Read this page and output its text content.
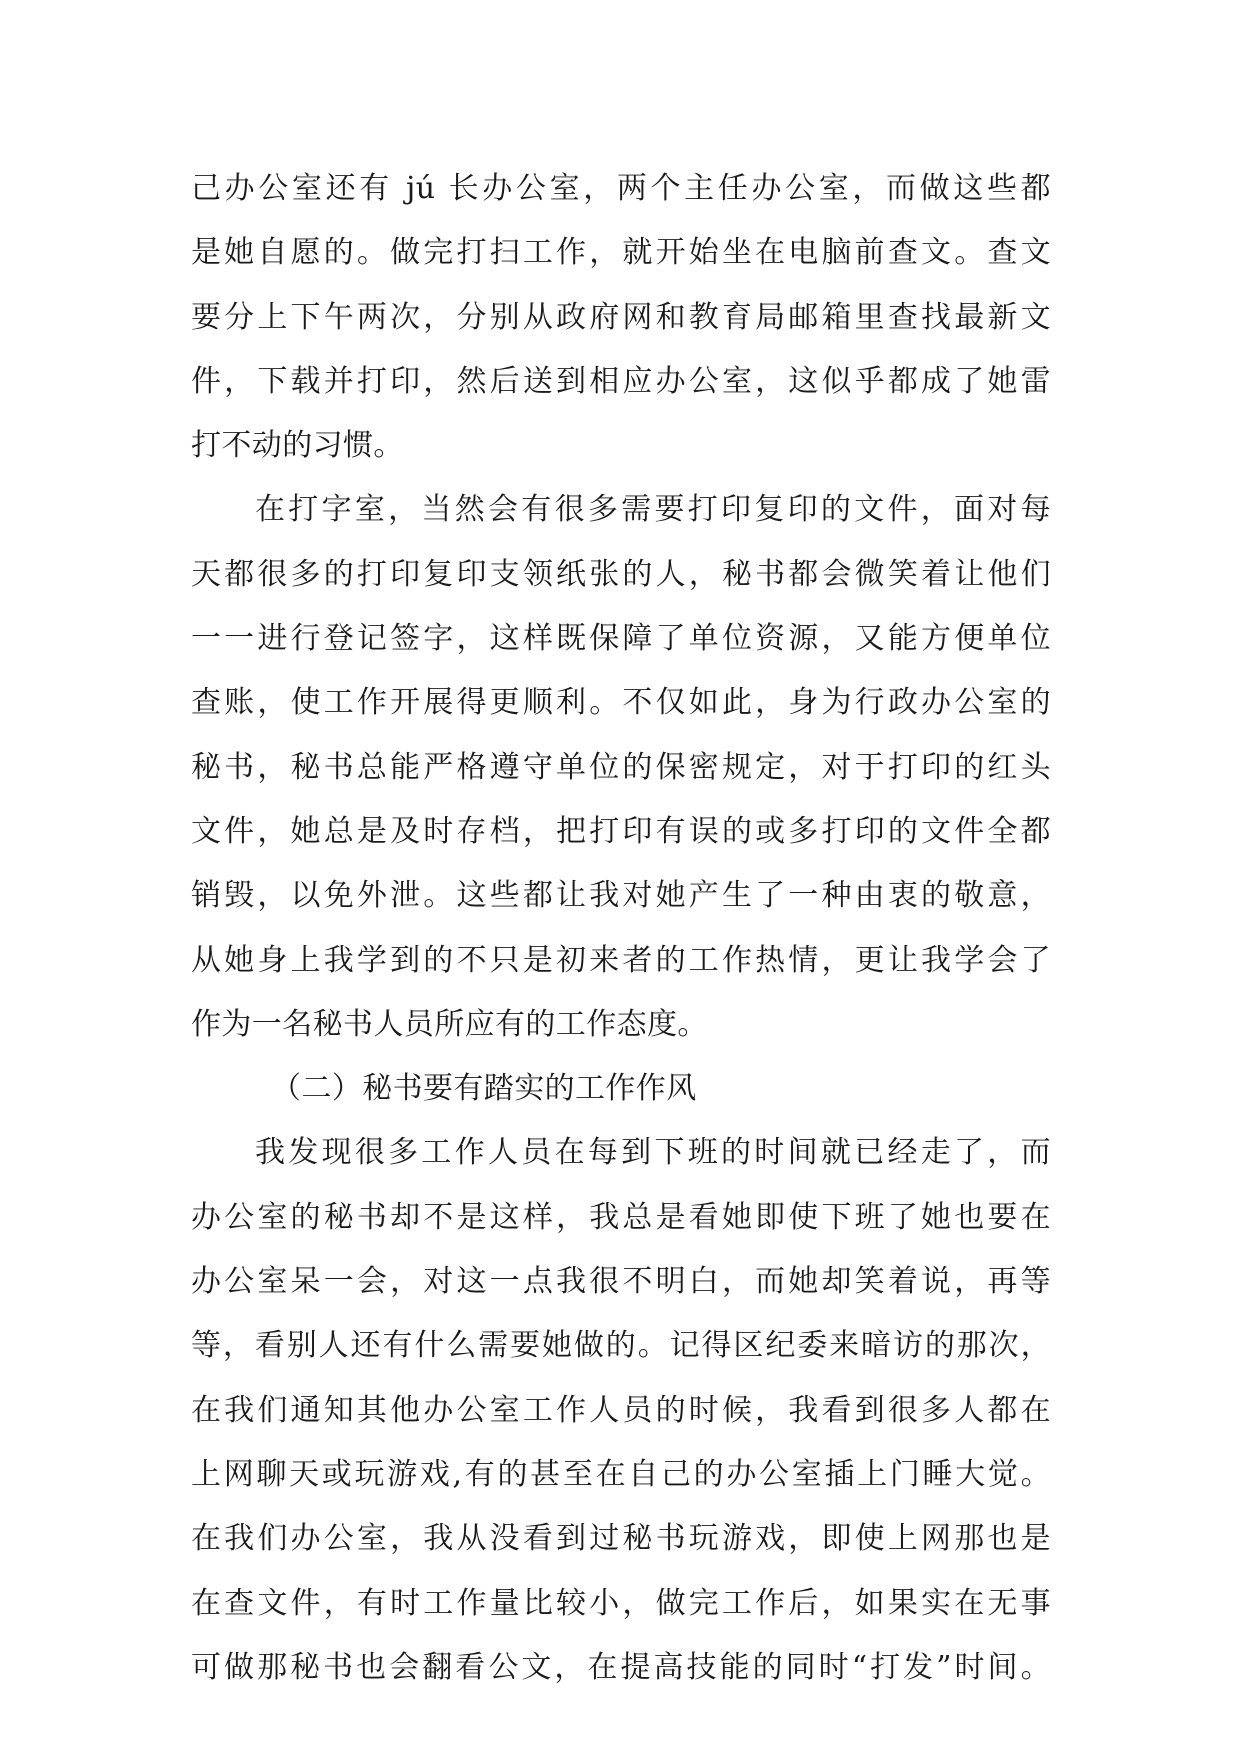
己办公室还有 jú 长办公室，两个主任办公室，而做这些都
是她自愿的。做完打扫工作，就开始坐在电脑前查文。查文
要分上下午两次，分别从政府网和教育局邮箱里查找最新文
件，下载并打印，然后送到相应办公室，这似乎都成了她雷
打不动的习惯。
在打字室，当然会有很多需要打印复印的文件，面对每
天都很多的打印复印支领纸张的人，秘书都会微笑着让他们
一一进行登记签字，这样既保障了单位资源，又能方便单位
查账，使工作开展得更顺利。不仅如此，身为行政办公室的
秘书，秘书总能严格遵守单位的保密规定，对于打印的红头
文件，她总是及时存档，把打印有误的或多打印的文件全都
销毁，以免外泄。这些都让我对她产生了一种由衷的敬意，
从她身上我学到的不只是初来者的工作热情，更让我学会了
作为一名秘书人员所应有的工作态度。
（二）秘书要有踏实的工作作风
我发现很多工作人员在每到下班的时间就已经走了，而
办公室的秘书却不是这样，我总是看她即使下班了她也要在
办公室呆一会，对这一点我很不明白，而她却笑着说，再等
等，看别人还有什么需要她做的。记得区纪委来暗访的那次，
在我们通知其他办公室工作人员的时候，我看到很多人都在
上网聊天或玩游戏,有的甚至在自己的办公室插上门睡大觉。
在我们办公室，我从没看到过秘书玩游戏，即使上网那也是
在查文件，有时工作量比较小，做完工作后，如果实在无事
可做那秘书也会翻看公文，在提高技能的同时“打发”时间。
